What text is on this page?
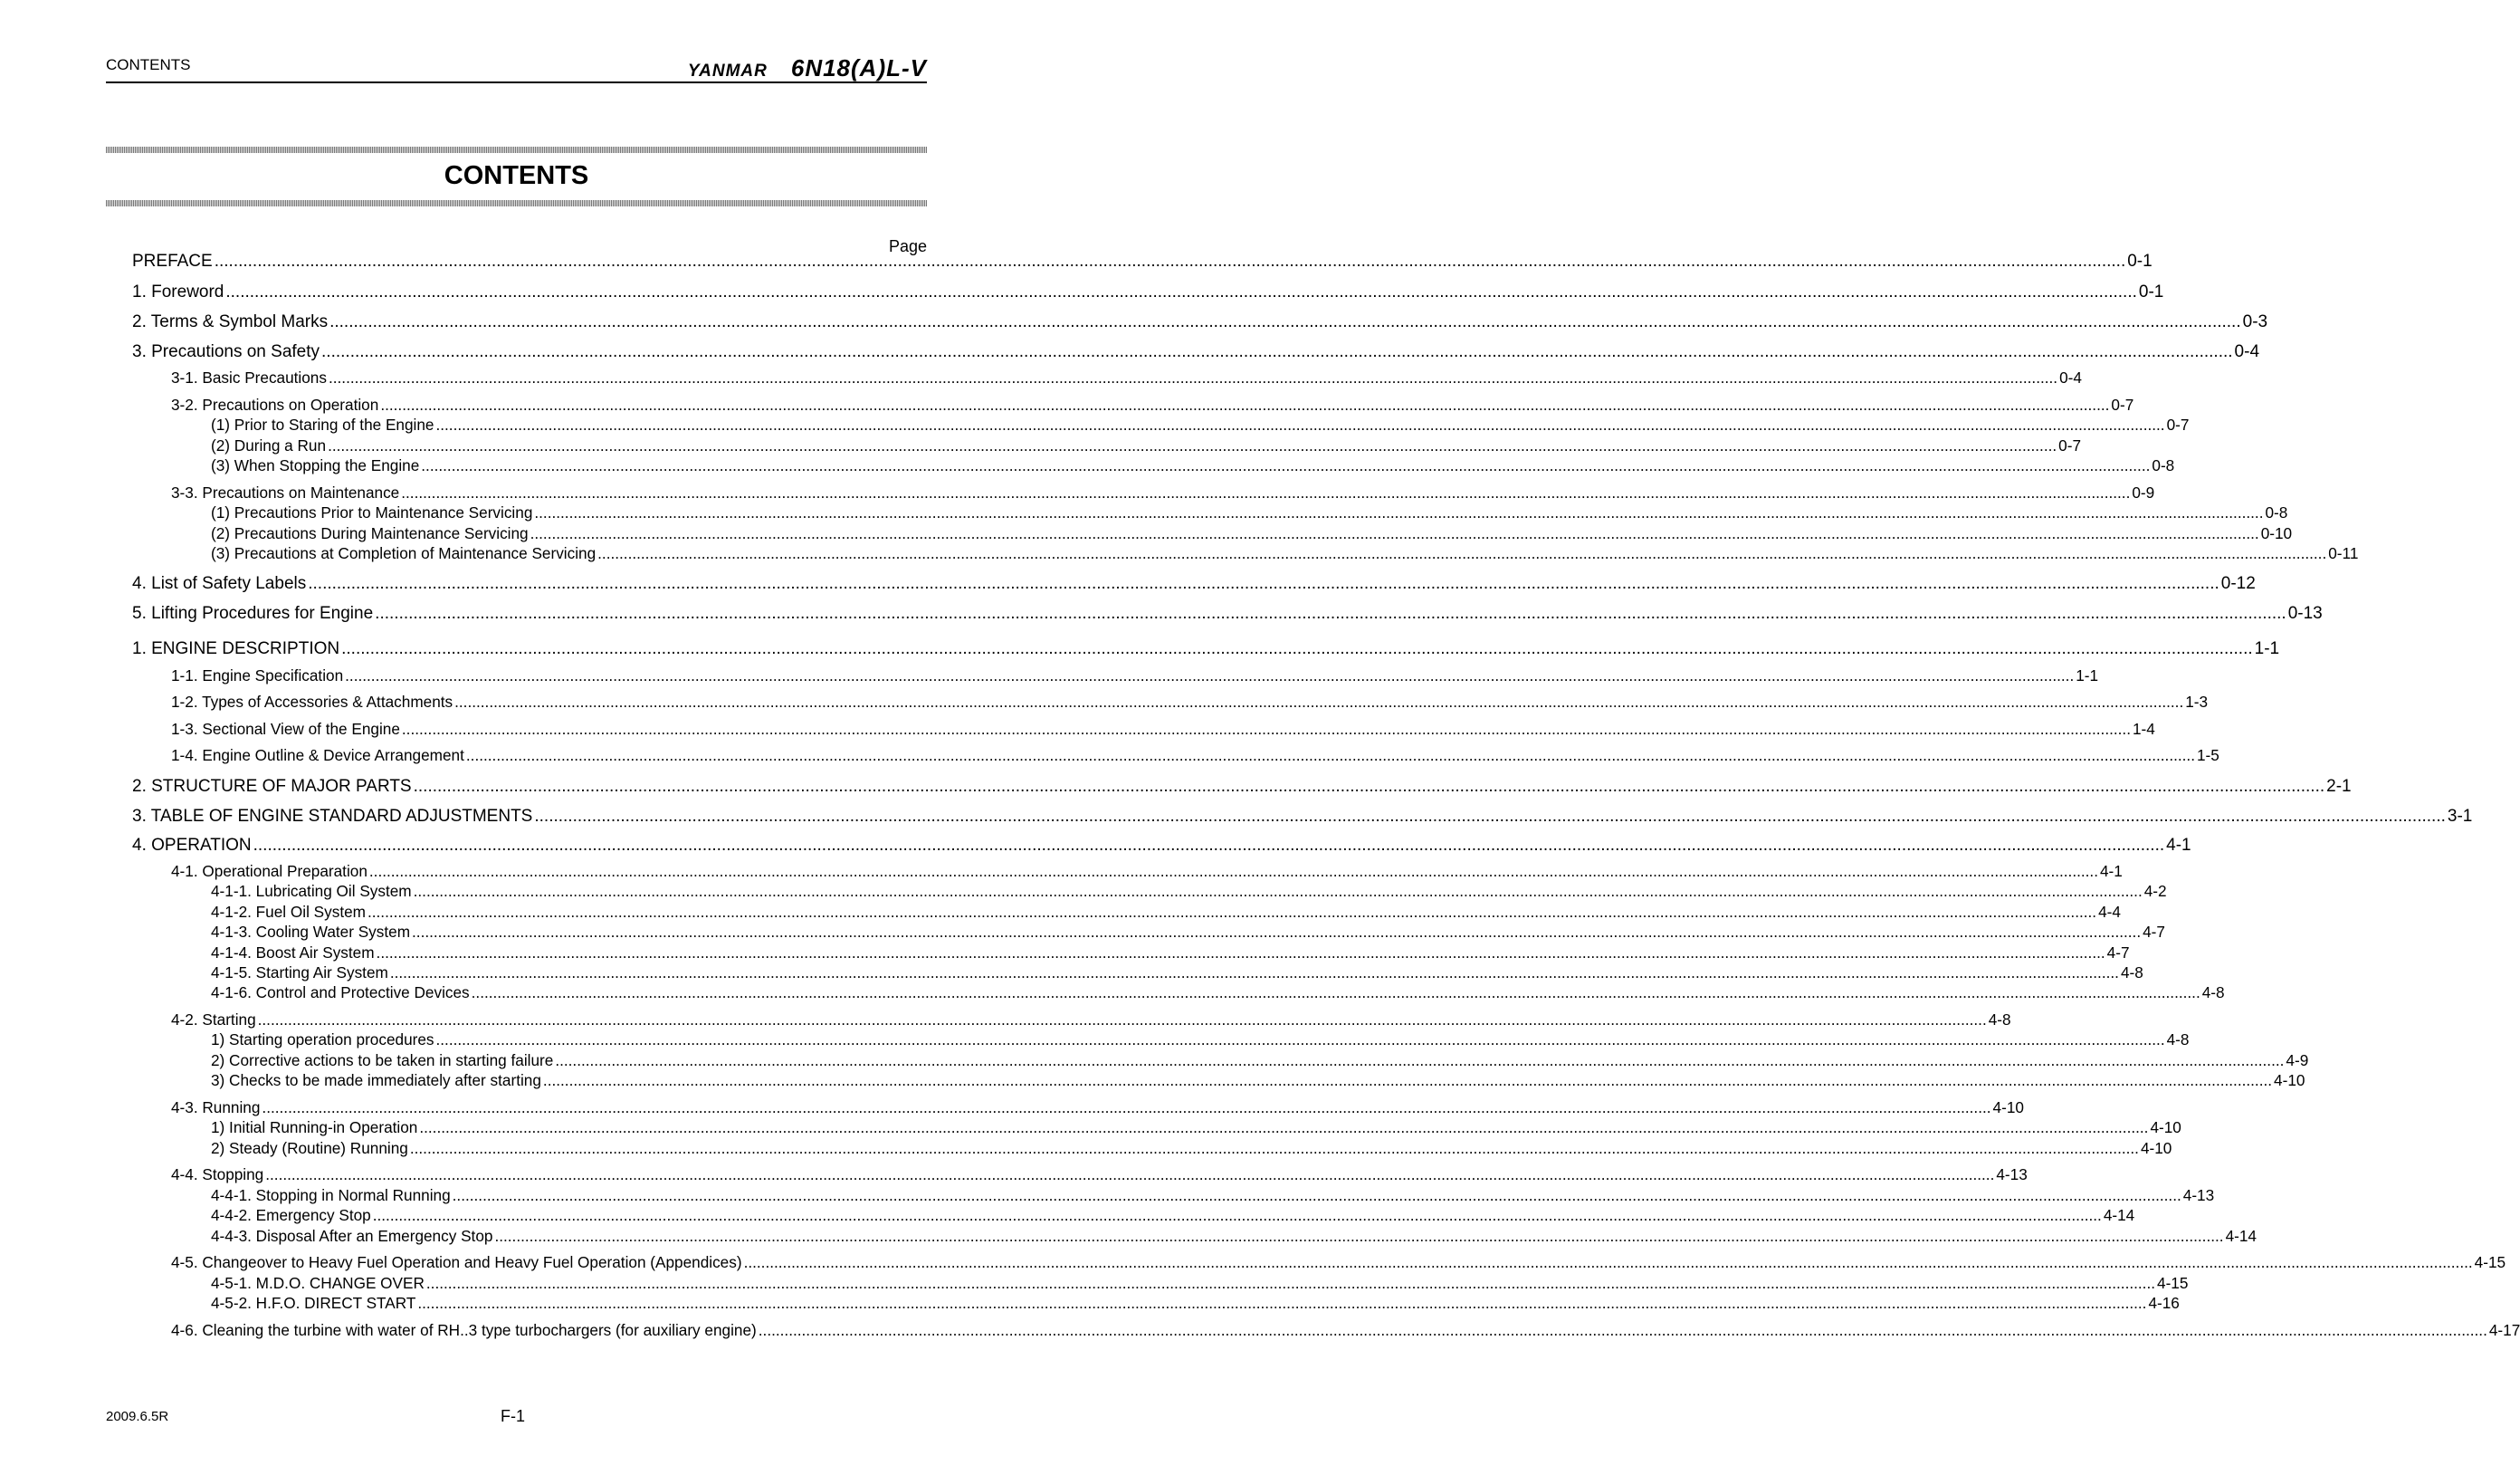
CONTENTS	YANMAR 6N18(A)L-V
CONTENTS
Page
PREFACE ................................................................................................................................................................................................................................................................................................................................................................................................................ 0-1
1. Foreword ................................................................................................................................................................................................................................................................................................................................................................................................................ 0-1
2. Terms & Symbol Marks ................................................................................................................................................................................................................................................................................................................................................................................................................ 0-3
3. Precautions on Safety ................................................................................................................................................................................................................................................................................................................................................................................................................ 0-4
3-1. Basic Precautions ................................................................................................................................................................................................................................................................................................................................................................................................................ 0-4
3-2. Precautions on Operation ................................................................................................................................................................................................................................................................................................................................................................................................................ 0-7
(1) Prior to Staring of the Engine ................................................................................................................................................................................................................................................................................................................................................................................................................ 0-7
(2) During a Run ................................................................................................................................................................................................................................................................................................................................................................................................................ 0-7
(3) When Stopping the Engine ................................................................................................................................................................................................................................................................................................................................................................................................................ 0-8
3-3. Precautions on Maintenance ................................................................................................................................................................................................................................................................................................................................................................................................................ 0-9
(1) Precautions Prior to Maintenance Servicing ................................................................................................................................................................................................................................................................................................................................................................................................................ 0-8
(2) Precautions During Maintenance Servicing ................................................................................................................................................................................................................................................................................................................................................................................................................ 0-10
(3) Precautions at Completion of Maintenance Servicing ................................................................................................................................................................................................................................................................................................................................................................................................................ 0-11
4. List of Safety Labels ................................................................................................................................................................................................................................................................................................................................................................................................................ 0-12
5. Lifting Procedures for Engine ................................................................................................................................................................................................................................................................................................................................................................................................................ 0-13
1. ENGINE DESCRIPTION ................................................................................................................................................................................................................................................................................................................................................................................................................ 1-1
1-1. Engine Specification ................................................................................................................................................................................................................................................................................................................................................................................................................ 1-1
1-2. Types of Accessories & Attachments ................................................................................................................................................................................................................................................................................................................................................................................................................ 1-3
1-3. Sectional View of the Engine ................................................................................................................................................................................................................................................................................................................................................................................................................ 1-4
1-4. Engine Outline & Device Arrangement ................................................................................................................................................................................................................................................................................................................................................................................................................ 1-5
2. STRUCTURE OF MAJOR PARTS ................................................................................................................................................................................................................................................................................................................................................................................................................ 2-1
3. TABLE OF ENGINE STANDARD ADJUSTMENTS ................................................................................................................................................................................................................................................................................................................................................................................................................ 3-1
4. OPERATION ................................................................................................................................................................................................................................................................................................................................................................................................................ 4-1
4-1. Operational Preparation ................................................................................................................................................................................................................................................................................................................................................................................................................ 4-1
4-1-1. Lubricating Oil System ................................................................................................................................................................................................................................................................................................................................................................................................................ 4-2
4-1-2. Fuel Oil System ................................................................................................................................................................................................................................................................................................................................................................................................................ 4-4
4-1-3. Cooling Water System ................................................................................................................................................................................................................................................................................................................................................................................................................ 4-7
4-1-4. Boost Air System ................................................................................................................................................................................................................................................................................................................................................................................................................ 4-7
4-1-5. Starting Air System ................................................................................................................................................................................................................................................................................................................................................................................................................ 4-8
4-1-6. Control and Protective Devices ................................................................................................................................................................................................................................................................................................................................................................................................................ 4-8
4-2. Starting ................................................................................................................................................................................................................................................................................................................................................................................................................ 4-8
1) Starting operation procedures ................................................................................................................................................................................................................................................................................................................................................................................................................ 4-8
2) Corrective actions to be taken in starting failure ................................................................................................................................................................................................................................................................................................................................................................................................................ 4-9
3) Checks to be made immediately after starting ................................................................................................................................................................................................................................................................................................................................................................................................................ 4-10
4-3. Running ................................................................................................................................................................................................................................................................................................................................................................................................................ 4-10
1) Initial Running-in Operation ................................................................................................................................................................................................................................................................................................................................................................................................................ 4-10
2) Steady (Routine) Running ................................................................................................................................................................................................................................................................................................................................................................................................................ 4-10
4-4. Stopping ................................................................................................................................................................................................................................................................................................................................................................................................................ 4-13
4-4-1. Stopping in Normal Running ................................................................................................................................................................................................................................................................................................................................................................................................................ 4-13
4-4-2. Emergency Stop ................................................................................................................................................................................................................................................................................................................................................................................................................ 4-14
4-4-3. Disposal After an Emergency Stop ................................................................................................................................................................................................................................................................................................................................................................................................................ 4-14
4-5. Changeover to Heavy Fuel Operation and Heavy Fuel Operation (Appendices) ................................................................................................................................................................................................................................................................................................................................................................................................................ 4-15
4-5-1. M.D.O. CHANGE OVER ................................................................................................................................................................................................................................................................................................................................................................................................................ 4-15
4-5-2. H.F.O. DIRECT START ................................................................................................................................................................................................................................................................................................................................................................................................................ 4-16
4-6. Cleaning the turbine with water of RH..3 type turbochargers (for auxiliary engine) ................................................................................................................................................................................................................................................................................................................................................................................................................ 4-17
2009.6.5R	F-1
